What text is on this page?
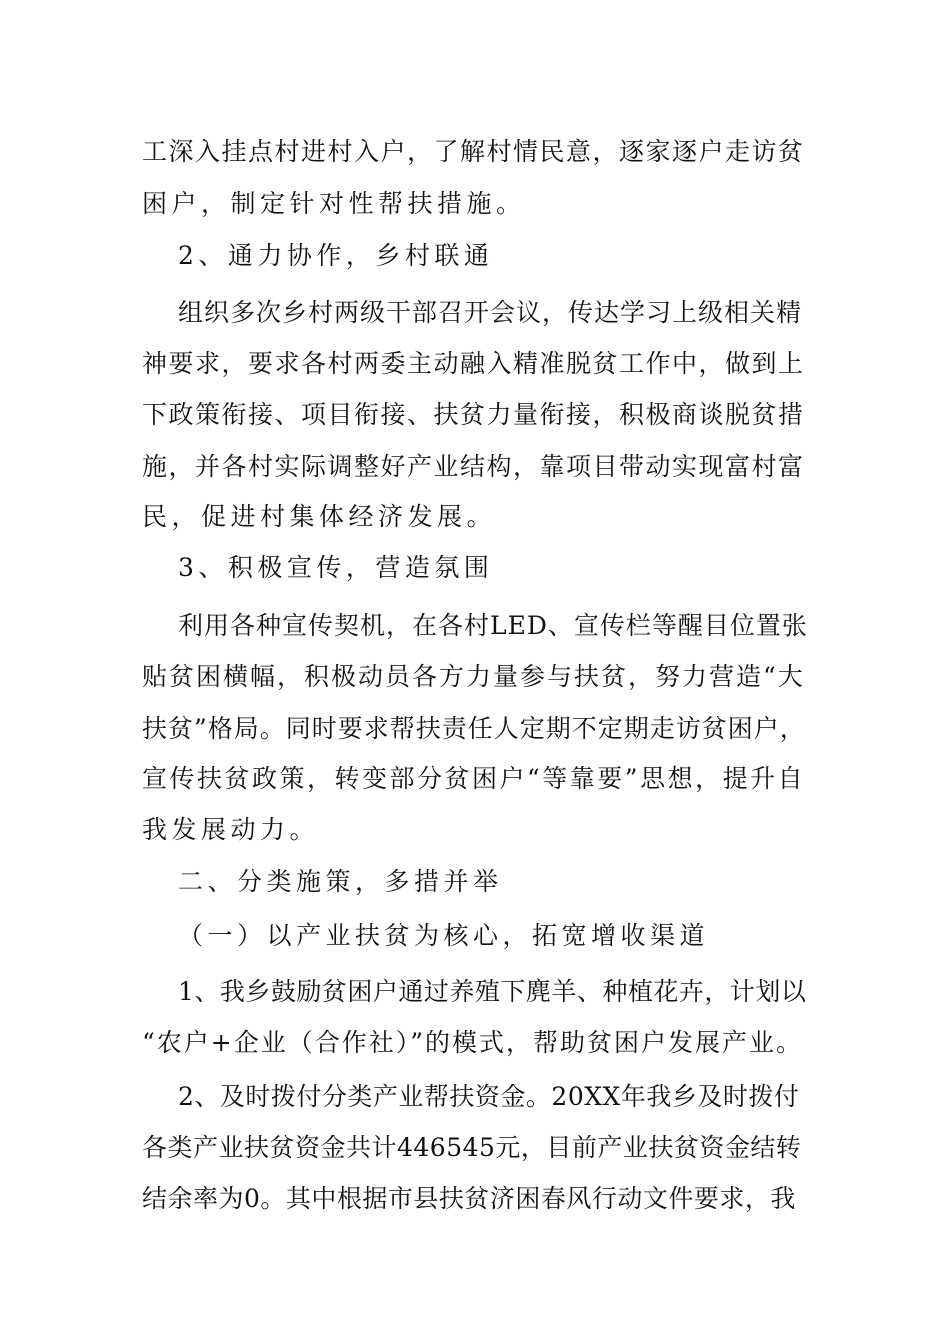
工深入挂点村进村入户，了解村情民意，逐家逐户走访贫
困户，制定针对性帮扶措施。
2、通力协作，乡村联通
组织多次乡村两级干部召开会议，传达学习上级相关精
神要求，要求各村两委主动融入精准脱贫工作中，做到上
下政策衔接、项目衔接、扶贫力量衔接，积极商谈脱贫措
施，并各村实际调整好产业结构，靠项目带动实现富村富
民，促进村集体经济发展。
3、积极宣传，营造氛围
利用各种宣传契机，在各村LED、宣传栏等醒目位置张
贴贫困横幅，积极动员各方力量参与扶贫，努力营造“大
扶贫”格局。同时要求帮扶责任人定期不定期走访贫困户，
宣传扶贫政策，转变部分贫困户“等靠要”思想，提升自
我发展动力。
二、分类施策，多措并举
（一）以产业扶贫为核心，拓宽增收渠道
1、我乡鼓励贫困户通过养殖下麂羊、种植花卉，计划以
“农户+企业（合作社）”的模式，帮助贫困户发展产业。
2、及时拨付分类产业帮扶资金。20XX年我乡及时拨付
各类产业扶贫资金共计446545元，目前产业扶贫资金结转
结余率为0。其中根据市县扶贫济困春风行动文件要求，我
